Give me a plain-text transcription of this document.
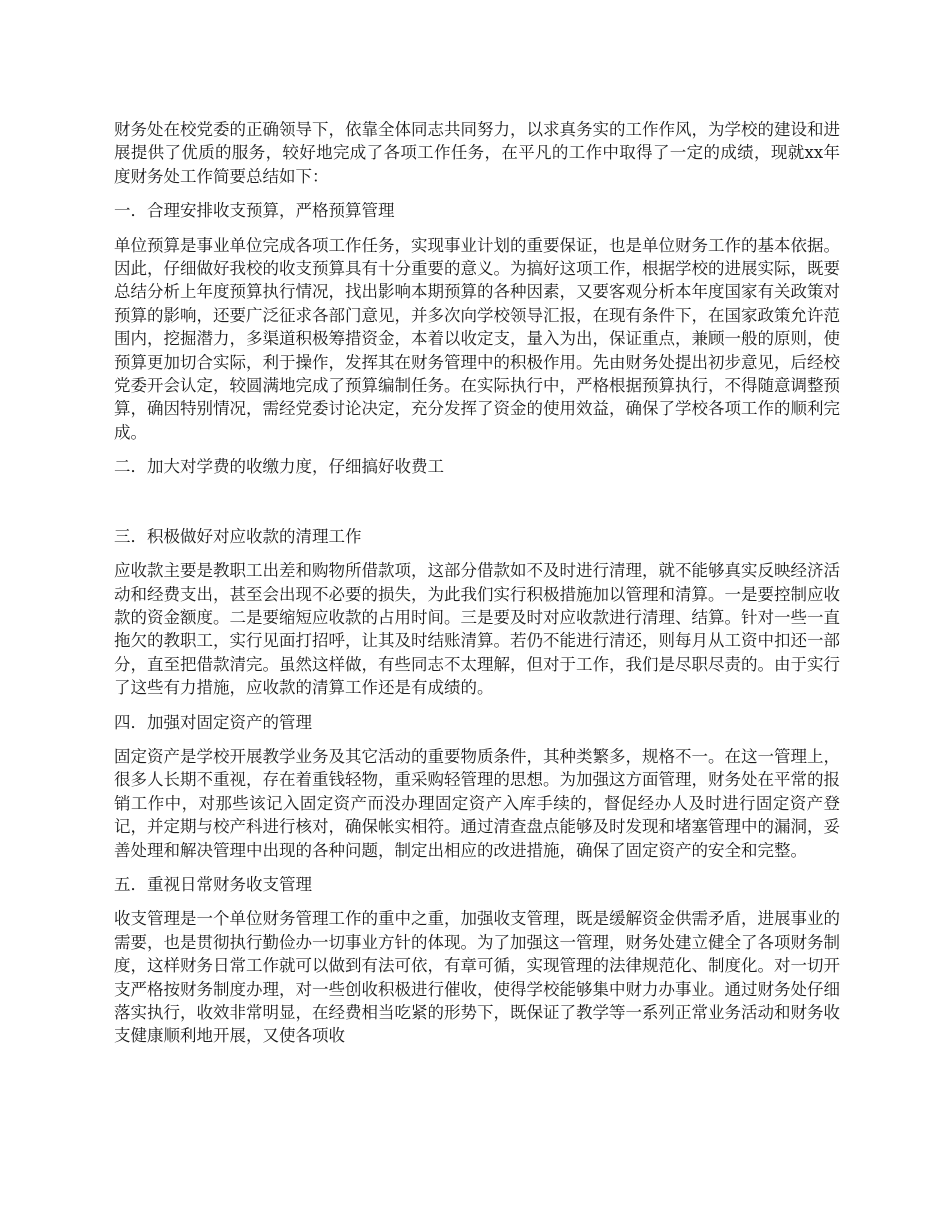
财务处在校党委的正确领导下，依靠全体同志共同努力，以求真务实的工作作风，为学校的建设和进展提供了优质的服务，较好地完成了各项工作任务，在平凡的工作中取得了一定的成绩，现就xx年度财务处工作简要总结如下：

一．合理安排收支预算，严格预算管理

单位预算是事业单位完成各项工作任务，实现事业计划的重要保证，也是单位财务工作的基本依据。因此，仔细做好我校的收支预算具有十分重要的意义。为搞好这项工作，根据学校的进展实际，既要总结分析上年度预算执行情况，找出影响本期预算的各种因素，又要客观分析本年度国家有关政策对预算的影响，还要广泛征求各部门意见，并多次向学校领导汇报，在现有条件下，在国家政策允许范围内，挖掘潜力，多渠道积极筹措资金，本着以收定支，量入为出，保证重点，兼顾一般的原则，使预算更加切合实际，利于操作，发挥其在财务管理中的积极作用。先由财务处提出初步意见，后经校党委开会认定，较圆满地完成了预算编制任务。在实际执行中，严格根据预算执行，不得随意调整预算，确因特别情况，需经党委讨论决定，充分发挥了资金的使用效益，确保了学校各项工作的顺利完成。

二．加大对学费的收缴力度，仔细搞好收费工

三．积极做好对应收款的清理工作

应收款主要是教职工出差和购物所借款项，这部分借款如不及时进行清理，就不能够真实反映经济活动和经费支出，甚至会出现不必要的损失，为此我们实行积极措施加以管理和清算。一是要控制应收款的资金额度。二是要缩短应收款的占用时间。三是要及时对应收款进行清理、结算。针对一些一直拖欠的教职工，实行见面打招呼，让其及时结账清算。若仍不能进行清还，则每月从工资中扣还一部分，直至把借款清完。虽然这样做，有些同志不太理解，但对于工作，我们是尽职尽责的。由于实行了这些有力措施，应收款的清算工作还是有成绩的。

四．加强对固定资产的管理

固定资产是学校开展教学业务及其它活动的重要物质条件，其种类繁多，规格不一。在这一管理上，很多人长期不重视，存在着重钱轻物，重采购轻管理的思想。为加强这方面管理，财务处在平常的报销工作中，对那些该记入固定资产而没办理固定资产入库手续的，督促经办人及时进行固定资产登记，并定期与校产科进行核对，确保帐实相符。通过清查盘点能够及时发现和堵塞管理中的漏洞，妥善处理和解决管理中出现的各种问题，制定出相应的改进措施，确保了固定资产的安全和完整。

五．重视日常财务收支管理

收支管理是一个单位财务管理工作的重中之重，加强收支管理，既是缓解资金供需矛盾，进展事业的需要，也是贯彻执行勤俭办一切事业方针的体现。为了加强这一管理，财务处建立健全了各项财务制度，这样财务日常工作就可以做到有法可依，有章可循，实现管理的法律规范化、制度化。对一切开支严格按财务制度办理，对一些创收积极进行催收，使得学校能够集中财力办事业。通过财务处仔细落实执行，收效非常明显，在经费相当吃紧的形势下，既保证了教学等一系列正常业务活动和财务收支健康顺利地开展，又使各项收
